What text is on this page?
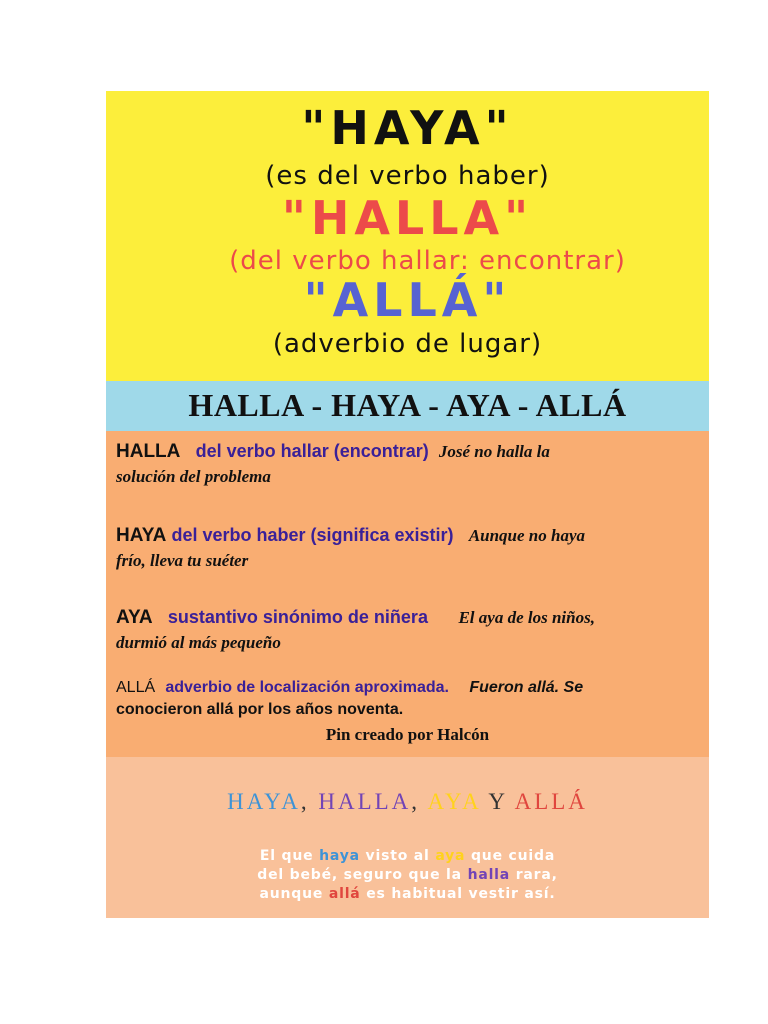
"HAYA"
(es del verbo haber)
"HALLA"
(del verbo hallar: encontrar)
"ALLÁ"
(adverbio de lugar)
HALLA - HAYA - AYA - ALLÁ
HALLA del verbo hallar (encontrar) José no halla la
solución del problema
HAYA del verbo haber (significa existir) Aunque no haya
frío, lleva tu suéter
AYA sustantivo sinónimo de niñera El aya de los niños,
durmió al más pequeño
ALLÁ adverbio de localización aproximada. Fueron allá. Se
conocieron allá por los años noventa.
Pin creado por Halcón
HAYA, HALLA, AYA Y ALLÁ
El que haya visto al aya que cuida
del bebé, seguro que la halla rara,
aunque allá es habitual vestir así.
